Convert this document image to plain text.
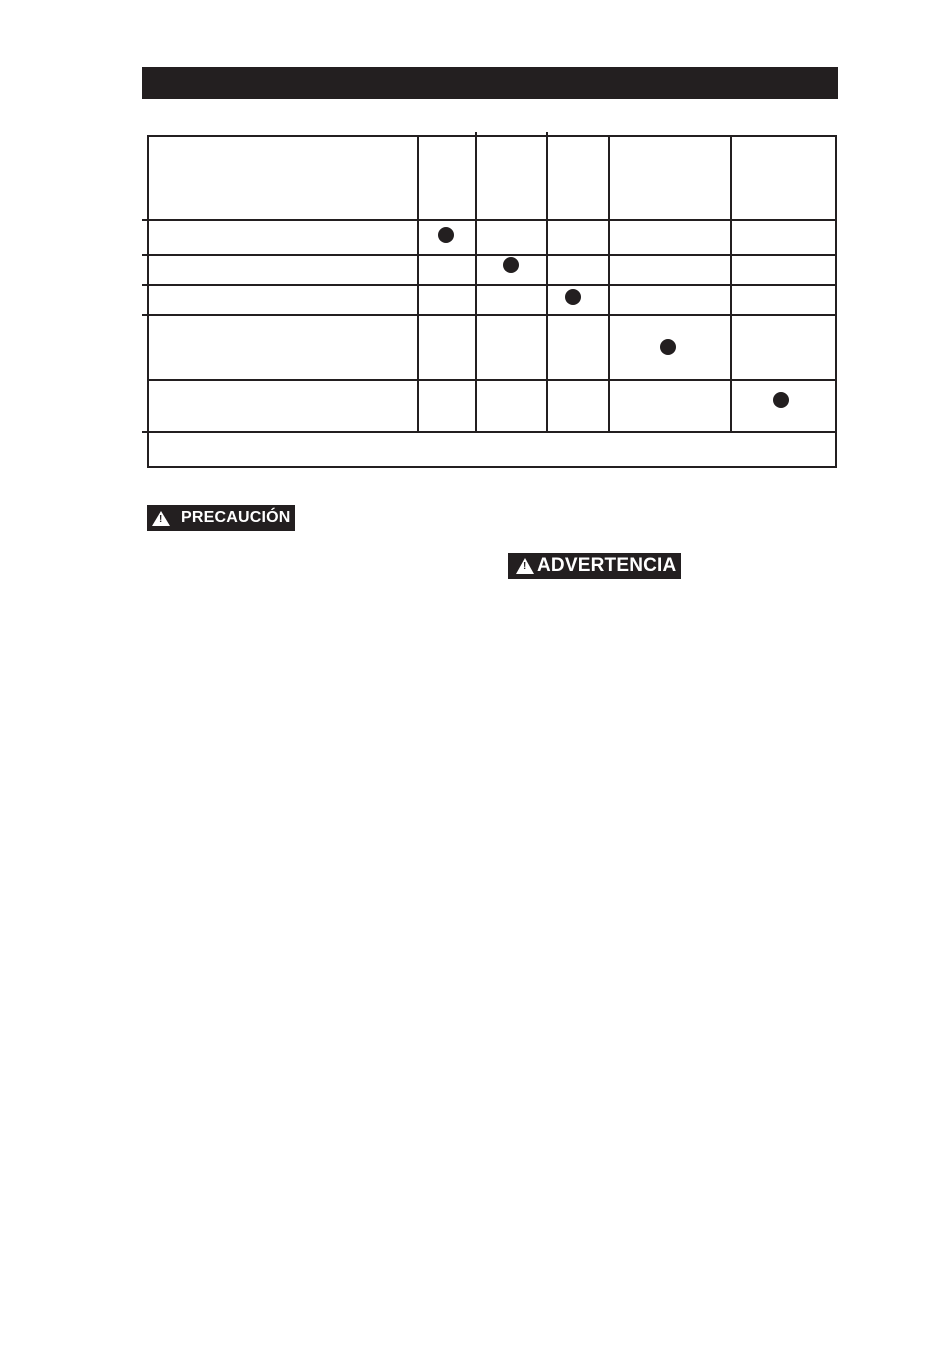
!
PRECAUCIÓN
!
ADVERTENCIA
